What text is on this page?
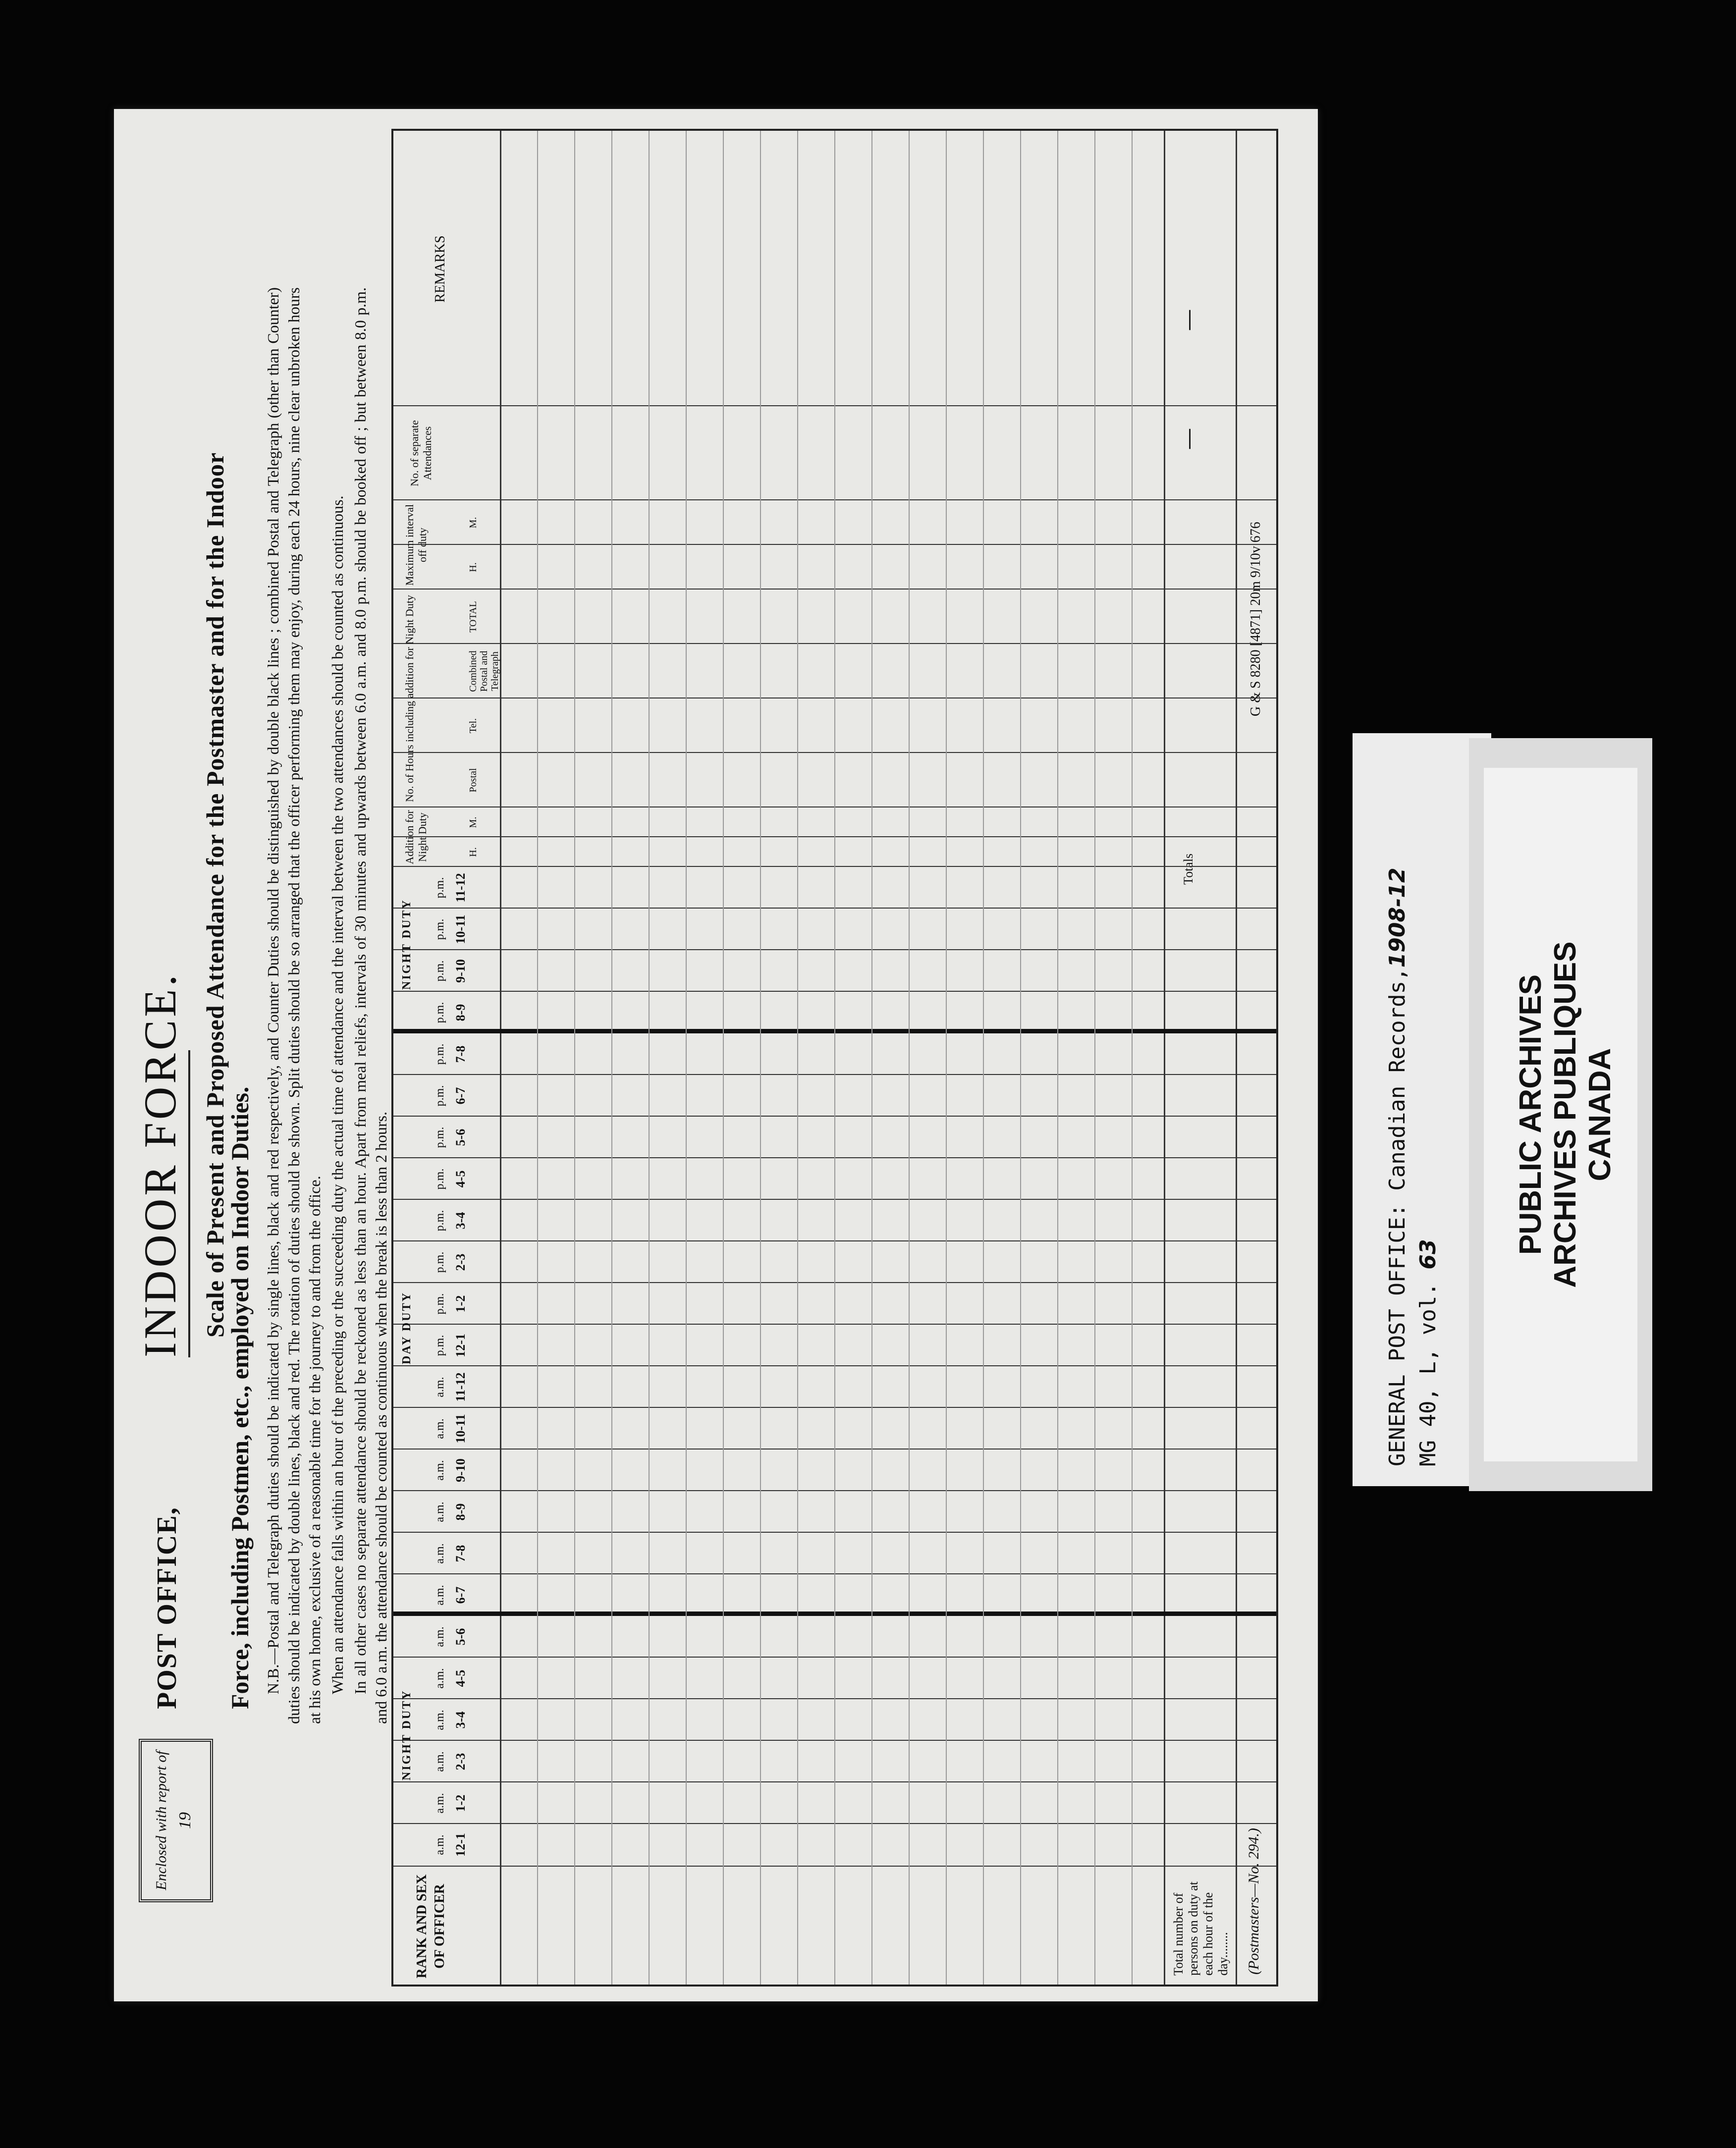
Enclosed with report of 19
POST OFFICE,
INDOOR FORCE. Scale of Present and Proposed Attendance for the Postmaster and for the Indoor
Force, including Postmen, etc., employed on Indoor Duties. N.B.—Postal and Telegraph duties should be indicated by single lines, black and red respectively, and Counter Duties should be distinguished by double black lines ; combined Postal and Telegraph (other than Counter) duties should be indicated by double lines, black and red. The rotation of duties should be shown. Split duties should be so arranged that the officer performing them may enjoy, during each 24 hours, nine clear unbroken hours at his own home, exclusive of a reasonable time for the journey to and from the office. When an attendance falls within an hour of the preceding or the succeeding duty the actual time of attendance and the interval between the two attendances should be counted as continuous. In all other cases no separate attendance should be reckoned as less than an hour. Apart from meal reliefs, intervals of 30 minutes and upwards between 6.0 a.m. and 8.0 p.m. should be booked off ; but between 8.0 p.m. and 6.0 a.m. the attendance should be counted as continuous when the break is less than 2 hours.

RANK AND SEX OF OFFICER	Total number of persons on duty at each hour of the day........ (Postmasters—No. 294.)
Totals
—
—
G & S 8280 [4871] 20m 9/10v 676
a.m. 12-1
a.m. 1-2
a.m. 2-3
a.m. 3-4
a.m. 4-5
a.m. 5-6
NIGHT DUTY
a.m. 6-7
a.m. 7-8
a.m. 8-9
a.m. 9-10
a.m. 10-11
a.m. 11-12
p.m. 12-1
p.m. 1-2
p.m. 2-3
p.m. 3-4
p.m. 4-5
p.m. 5-6
p.m. 6-7
p.m. 7-8
DAY DUTY
p.m. 8-9
p.m. 9-10
p.m. 10-11
p.m. 11-12
NIGHT DUTY
H.
M.
Addition for Night Duty
Postal
Tel.
Combined Postal and Telegraph
TOTAL
No. of Hours including addition for Night Duty
H.
M.
Maximum interval off duty
No. of separate Attendances
REMARKS
GENERAL POST OFFICE: Canadian Records,1908-12
MG 40, L, vol. 63 PUBLIC ARCHIVES ARCHIVES PUBLIQUES CANADA
